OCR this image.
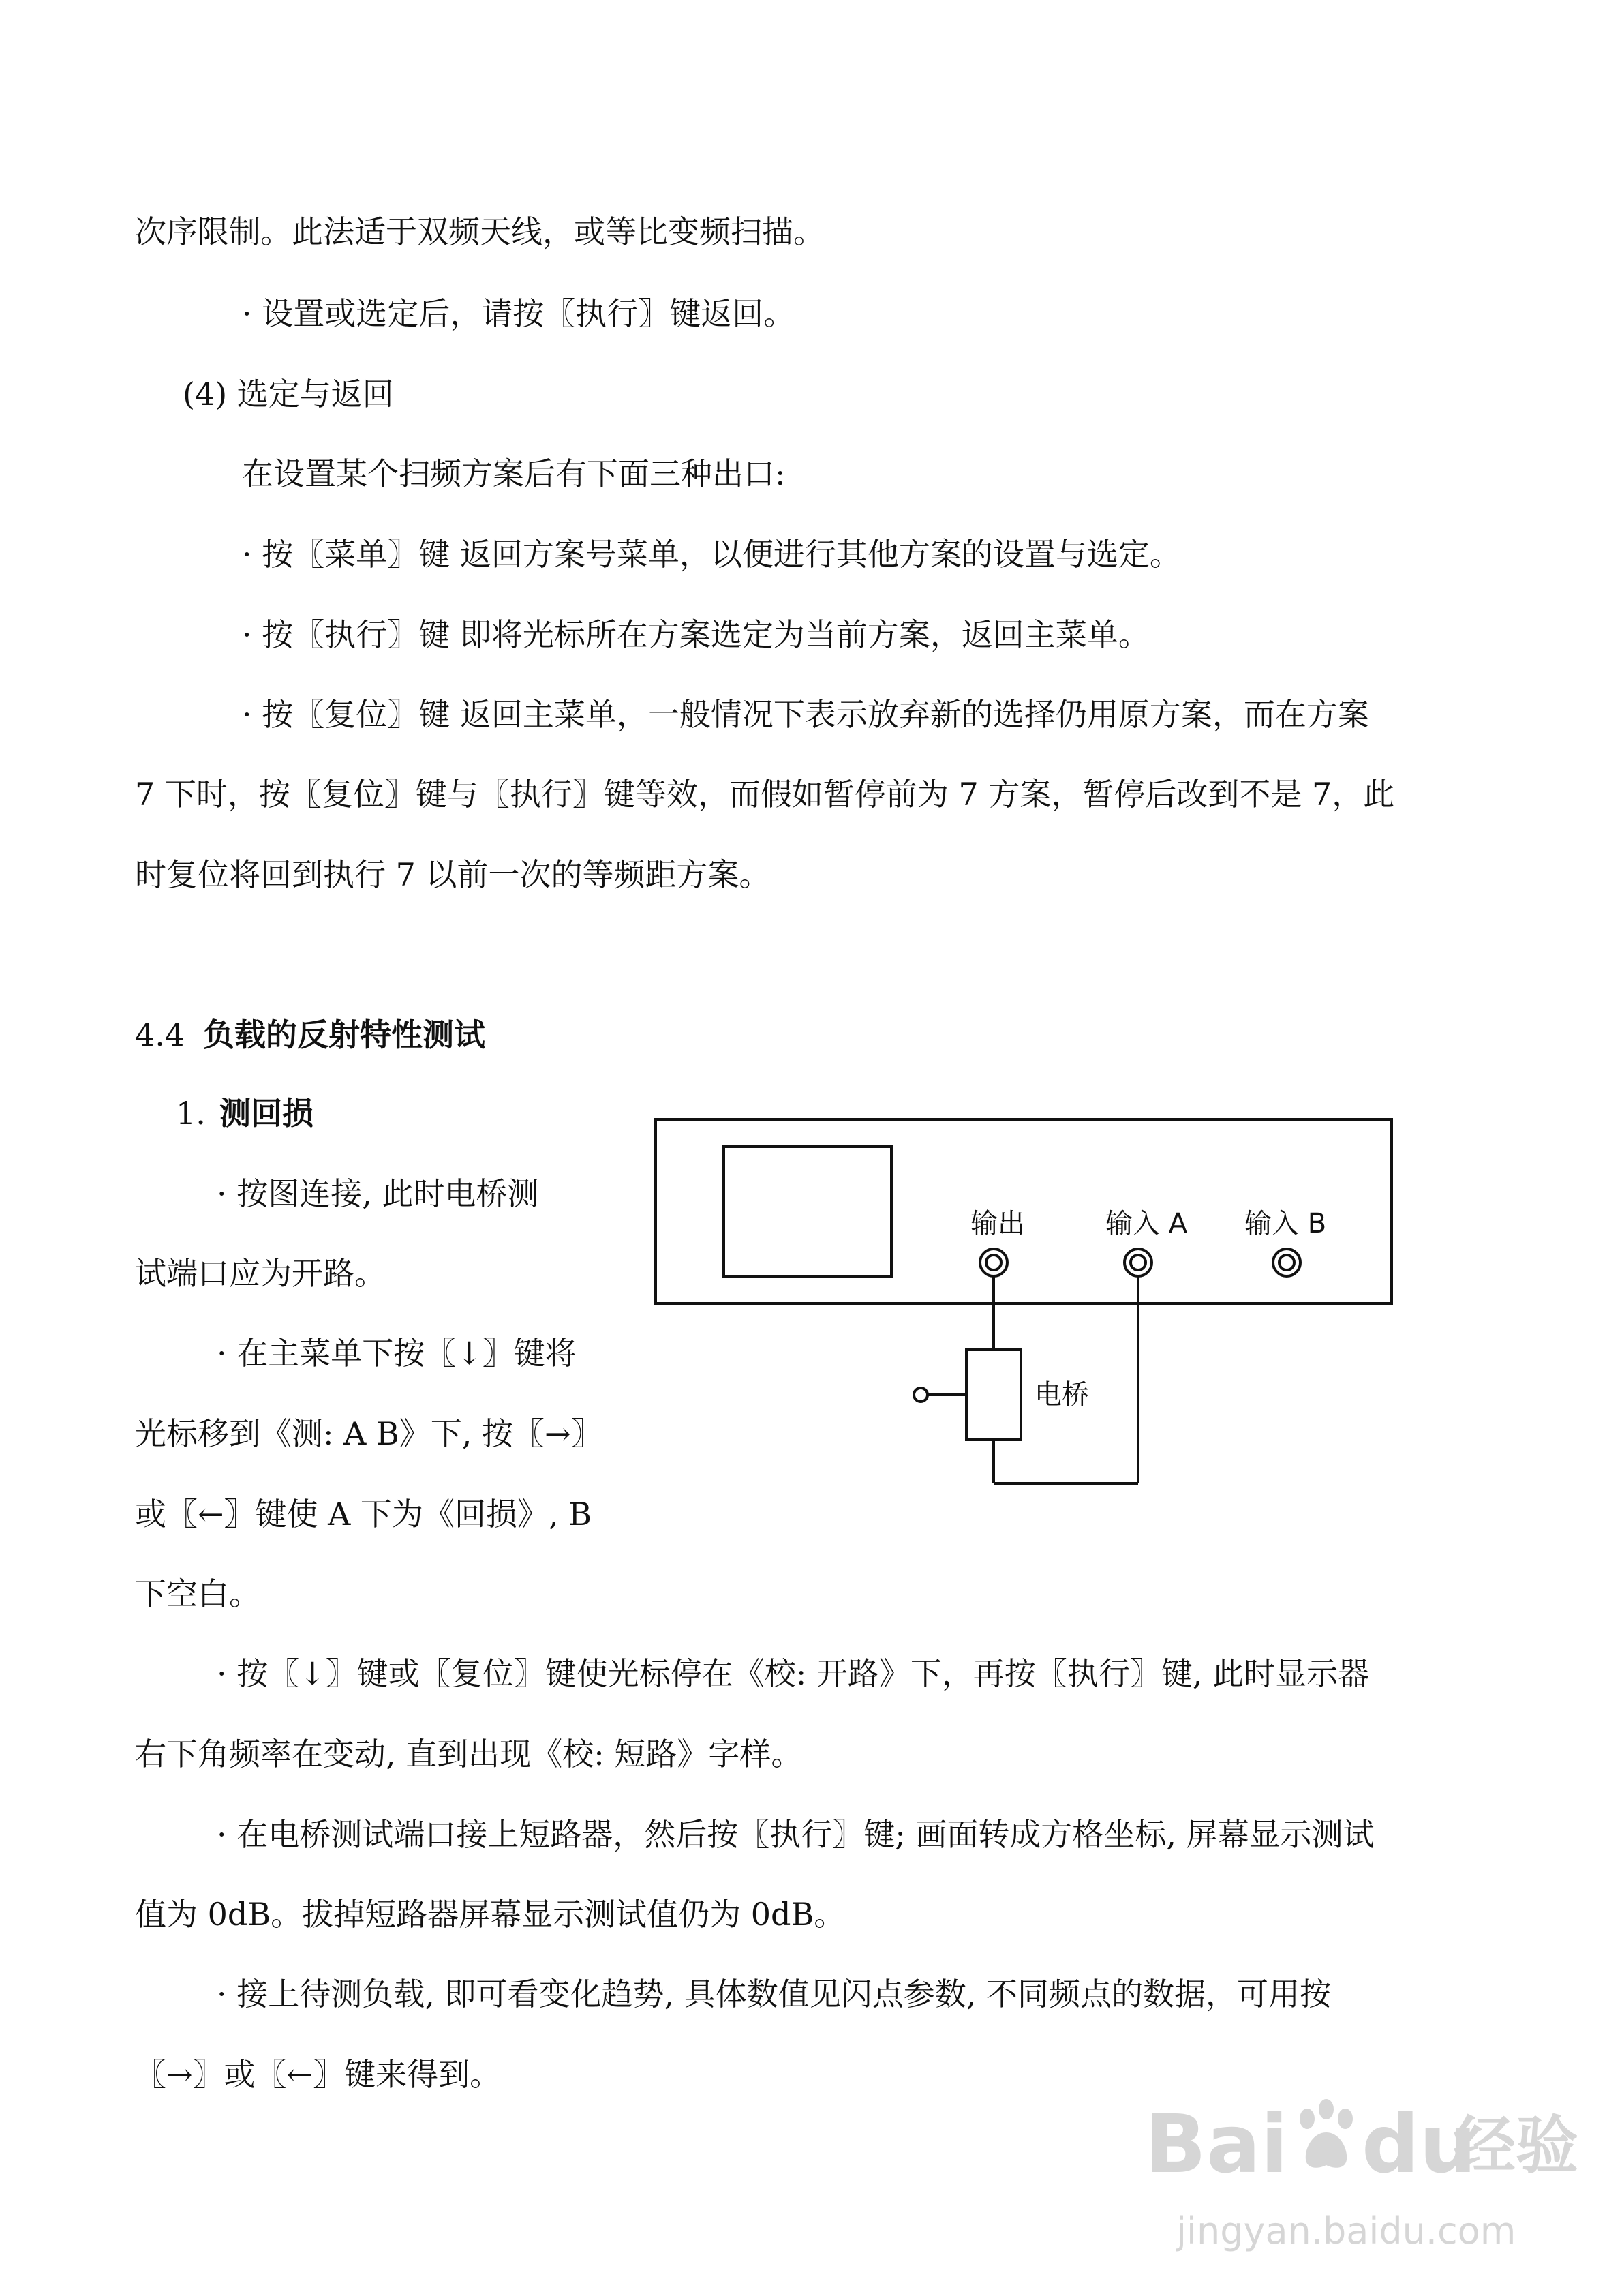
次序限制。此法适于双频天线，或等比变频扫描。
· 设置或选定后，请按〖执行〗键返回。
(4) 选定与返回
在设置某个扫频方案后有下面三种出口:
· 按〖菜单〗键 返回方案号菜单，以便进行其他方案的设置与选定。
· 按〖执行〗键 即将光标所在方案选定为当前方案，返回主菜单。
· 按〖复位〗键 返回主菜单，一般情况下表示放弃新的选择仍用原方案，而在方案
7 下时，按〖复位〗键与〖执行〗键等效，而假如暂停前为 7 方案，暂停后改到不是 7，此
时复位将回到执行 7 以前一次的等频距方案。
4.4 负载的反射特性测试
1. 测回损
· 按图连接, 此时电桥测
试端口应为开路。
· 在主菜单下按〖↓〗键将
光标移到《测: A B》下, 按〖→〗
或〖←〗键使 A 下为《回损》, B
下空白。
输出	输入 A 输入 B
电桥
· 按〖↓〗键或〖复位〗键使光标停在《校: 开路》下，再按〖执行〗键, 此时显示器
右下角频率在变动, 直到出现《校: 短路》字样。
· 在电桥测试端口接上短路器，然后按〖执行〗键; 画面转成方格坐标, 屏幕显示测试
值为 0dB。拔掉短路器屏幕显示测试值仍为 0dB。
· 接上待测负载, 即可看变化趋势, 具体数值见闪点参数, 不同频点的数据，可用按
〖→〗或〖←〗键来得到。
Bai du
经验
jingyan.baidu.com
